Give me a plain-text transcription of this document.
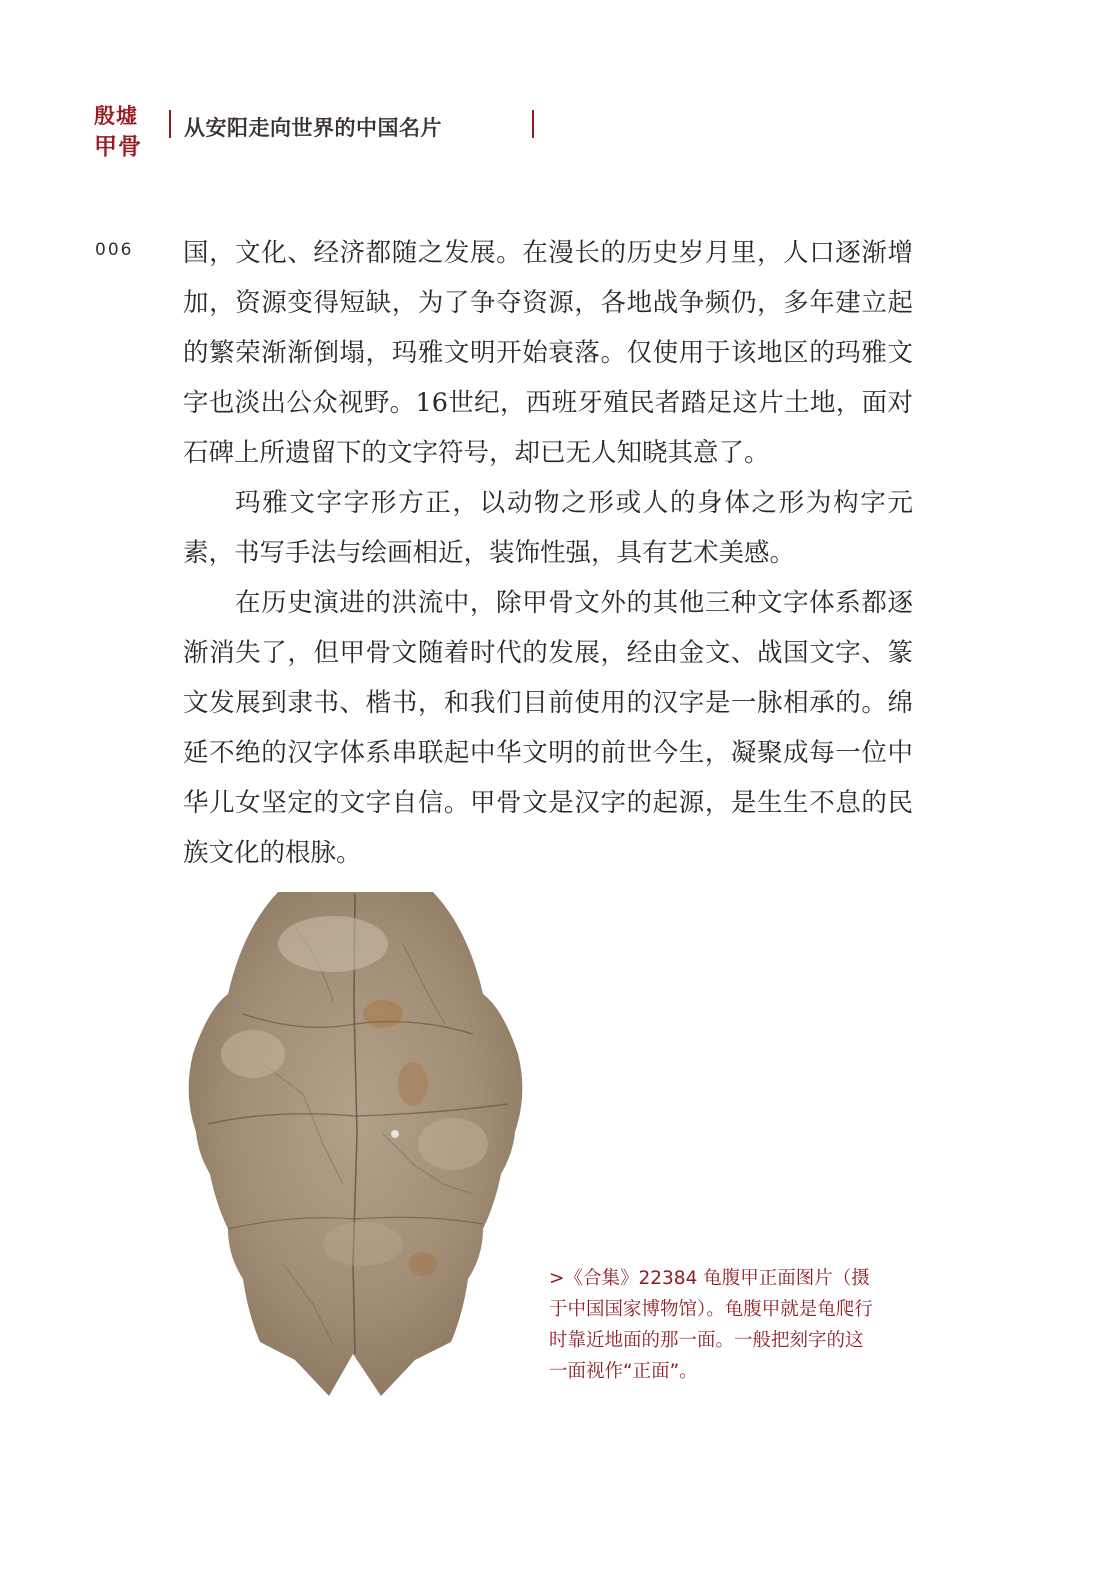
殷墟
甲骨
从安阳走向世界的中国名片
006 国，文化、经济都随之发展。在漫长的历史岁月里，人口逐渐增加，资源变得短缺，为了争夺资源，各地战争频仍，多年建立起的繁荣渐渐倒塌，玛雅文明开始衰落。仅使用于该地区的玛雅文字也淡出公众视野。16世纪，西班牙殖民者踏足这片土地，面对石碑上所遗留下的文字符号，却已无人知晓其意了。

玛雅文字字形方正，以动物之形或人的身体之形为构字元素，书写手法与绘画相近，装饰性强，具有艺术美感。

在历史演进的洪流中，除甲骨文外的其他三种文字体系都逐渐消失了，但甲骨文随着时代的发展，经由金文、战国文字、篆文发展到隶书、楷书，和我们目前使用的汉字是一脉相承的。绵延不绝的汉字体系串联起中华文明的前世今生，凝聚成每一位中华儿女坚定的文字自信。甲骨文是汉字的起源，是生生不息的民族文化的根脉。

>《合集》22384 龟腹甲正面图片（摄于中国国家博物馆）。龟腹甲就是龟爬行时靠近地面的那一面。一般把刻字的这一面视作“正面”。
